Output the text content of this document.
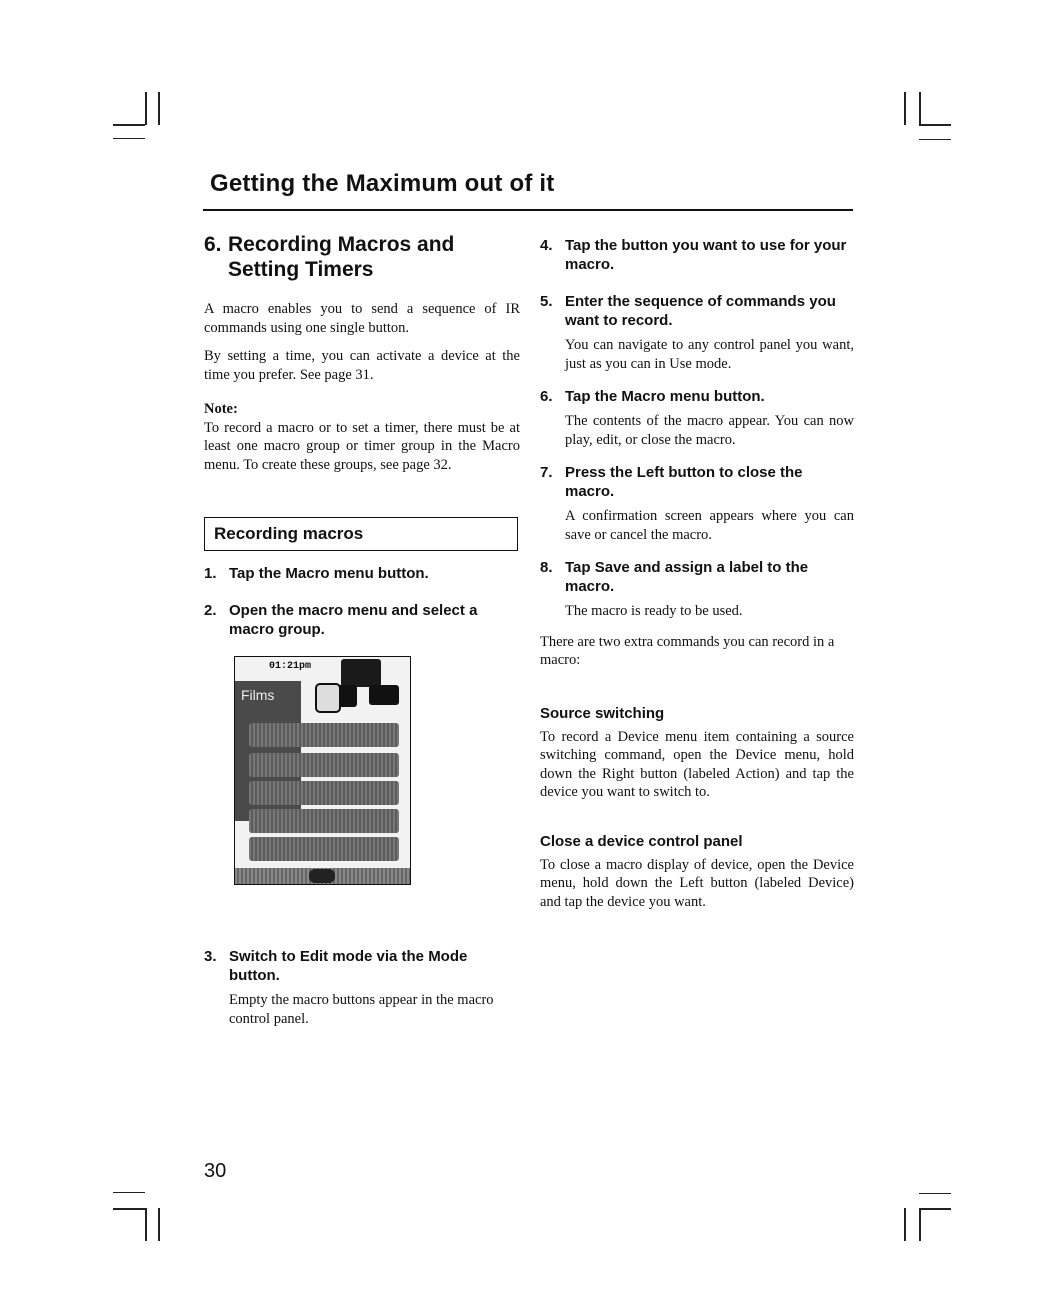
Getting the Maximum out of it
6. Recording Macros and
Setting Timers

A macro enables you to send a sequence of IR commands using one single button.

By setting a time, you can activate a device at the time you prefer. See page 31.

Note:

To record a macro or to set a timer, there must be at least one macro group or timer group in the Macro menu. To create these groups, see page 32.

Recording macros
1. Tap the Macro menu button.
2. Open the macro menu and select a macro group.
01:21pm
Films
3. Switch to Edit mode via the Mode button.

Empty the macro buttons appear in the macro control panel.

4. Tap the button you want to use for your macro.
5. Enter the sequence of commands you want to record.

You can navigate to any control panel you want, just as you can in Use mode.

6. Tap the Macro menu button.

The contents of the macro appear. You can now play, edit, or close the macro.

7. Press the Left button to close the macro.

A confirmation screen appears where you can save or cancel the macro.

8. Tap Save and assign a label to the macro.

The macro is ready to be used.

There are two extra commands you can record in a macro:

Source switching

To record a Device menu item containing a source switching command, open the Device menu, hold down the Right button (labeled Action) and tap the device you want to switch to.

Close a device control panel

To close a macro display of device, open the Device menu, hold down the Left button (labeled Device) and tap the device you want.

30
